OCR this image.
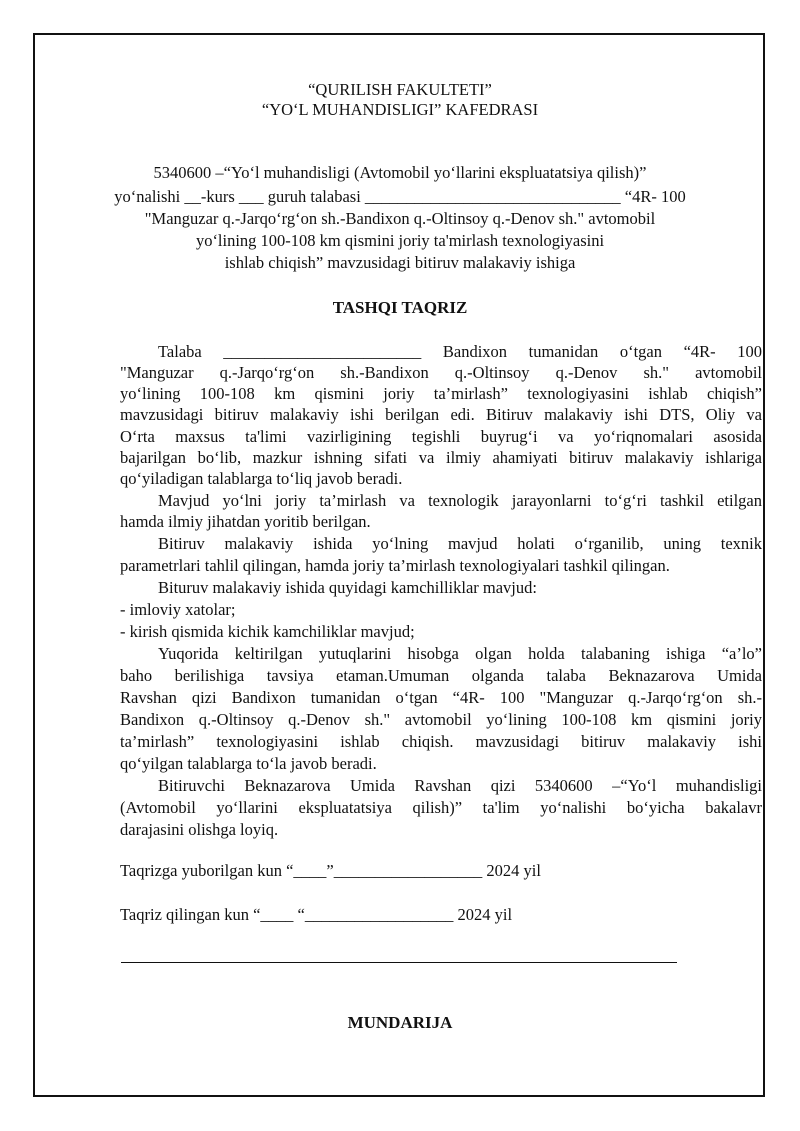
“QURILISH FAKULTETI”
“YO‘L MUHANDISLIGI” KAFEDRASI
5340600 –“Yo‘l muhandisligi (Avtomobil yo‘llarini ekspluatatsiya qilish)”
yo‘nalishi __-kurs ___ guruh talabasi _______________________________ “4R- 100
"Manguzar q.-Jarqo‘rg‘on sh.-Bandixon q.-Oltinsoy q.-Denov sh." avtomobil
yo‘lining 100-108 km qismini joriy ta'mirlash texnologiyasini
ishlab chiqish” mavzusidagi bitiruv malakaviy ishiga
TASHQI TAQRIZ
Talaba ________________________ Bandixon tumanidan o‘tgan “4R- 100
"Manguzar q.-Jarqo‘rg‘on sh.-Bandixon q.-Oltinsoy q.-Denov sh." avtomobil
yo‘lining 100-108 km qismini joriy ta’mirlash” texnologiyasini ishlab chiqish”
mavzusidagi bitiruv malakaviy ishi berilgan edi. Bitiruv malakaviy ishi DTS, Oliy va
O‘rta maxsus ta'limi vazirligining tegishli buyrug‘i va yo‘riqnomalari asosida
bajarilgan bo‘lib, mazkur ishning sifati va ilmiy ahamiyati bitiruv malakaviy ishlariga
qo‘yiladigan talablarga to‘liq javob beradi.
Mavjud yo‘lni joriy ta’mirlash va texnologik jarayonlarni to‘g‘ri tashkil etilgan
hamda ilmiy jihatdan yoritib berilgan.
Bitiruv malakaviy ishida yo‘lning mavjud holati o‘rganilib, uning texnik
parametrlari tahlil qilingan, hamda joriy ta’mirlash texnologiyalari tashkil qilingan.
Bituruv malakaviy ishida quyidagi kamchilliklar mavjud:
- imloviy xatolar;
- kirish qismida kichik kamchiliklar mavjud;
Yuqorida keltirilgan yutuqlarini hisobga olgan holda talabaning ishiga “a’lo”
baho berilishiga tavsiya etaman.Umuman olganda talaba Beknazarova Umida
Ravshan qizi Bandixon tumanidan o‘tgan “4R- 100 "Manguzar q.-Jarqo‘rg‘on sh.-
Bandixon q.-Oltinsoy q.-Denov sh." avtomobil yo‘lining 100-108 km qismini joriy
ta’mirlash” texnologiyasini ishlab chiqish. mavzusidagi bitiruv malakaviy ishi
qo‘yilgan talablarga to‘la javob beradi.
Bitiruvchi Beknazarova Umida Ravshan qizi 5340600 –“Yo‘l muhandisligi
(Avtomobil yo‘llarini ekspluatatsiya qilish)” ta'lim yo‘nalishi bo‘yicha bakalavr
darajasini olishga loyiq.
Taqrizga yuborilgan kun “____”__________________ 2024 yil
Taqriz qilingan kun “____ “__________________ 2024 yil
MUNDARIJA
